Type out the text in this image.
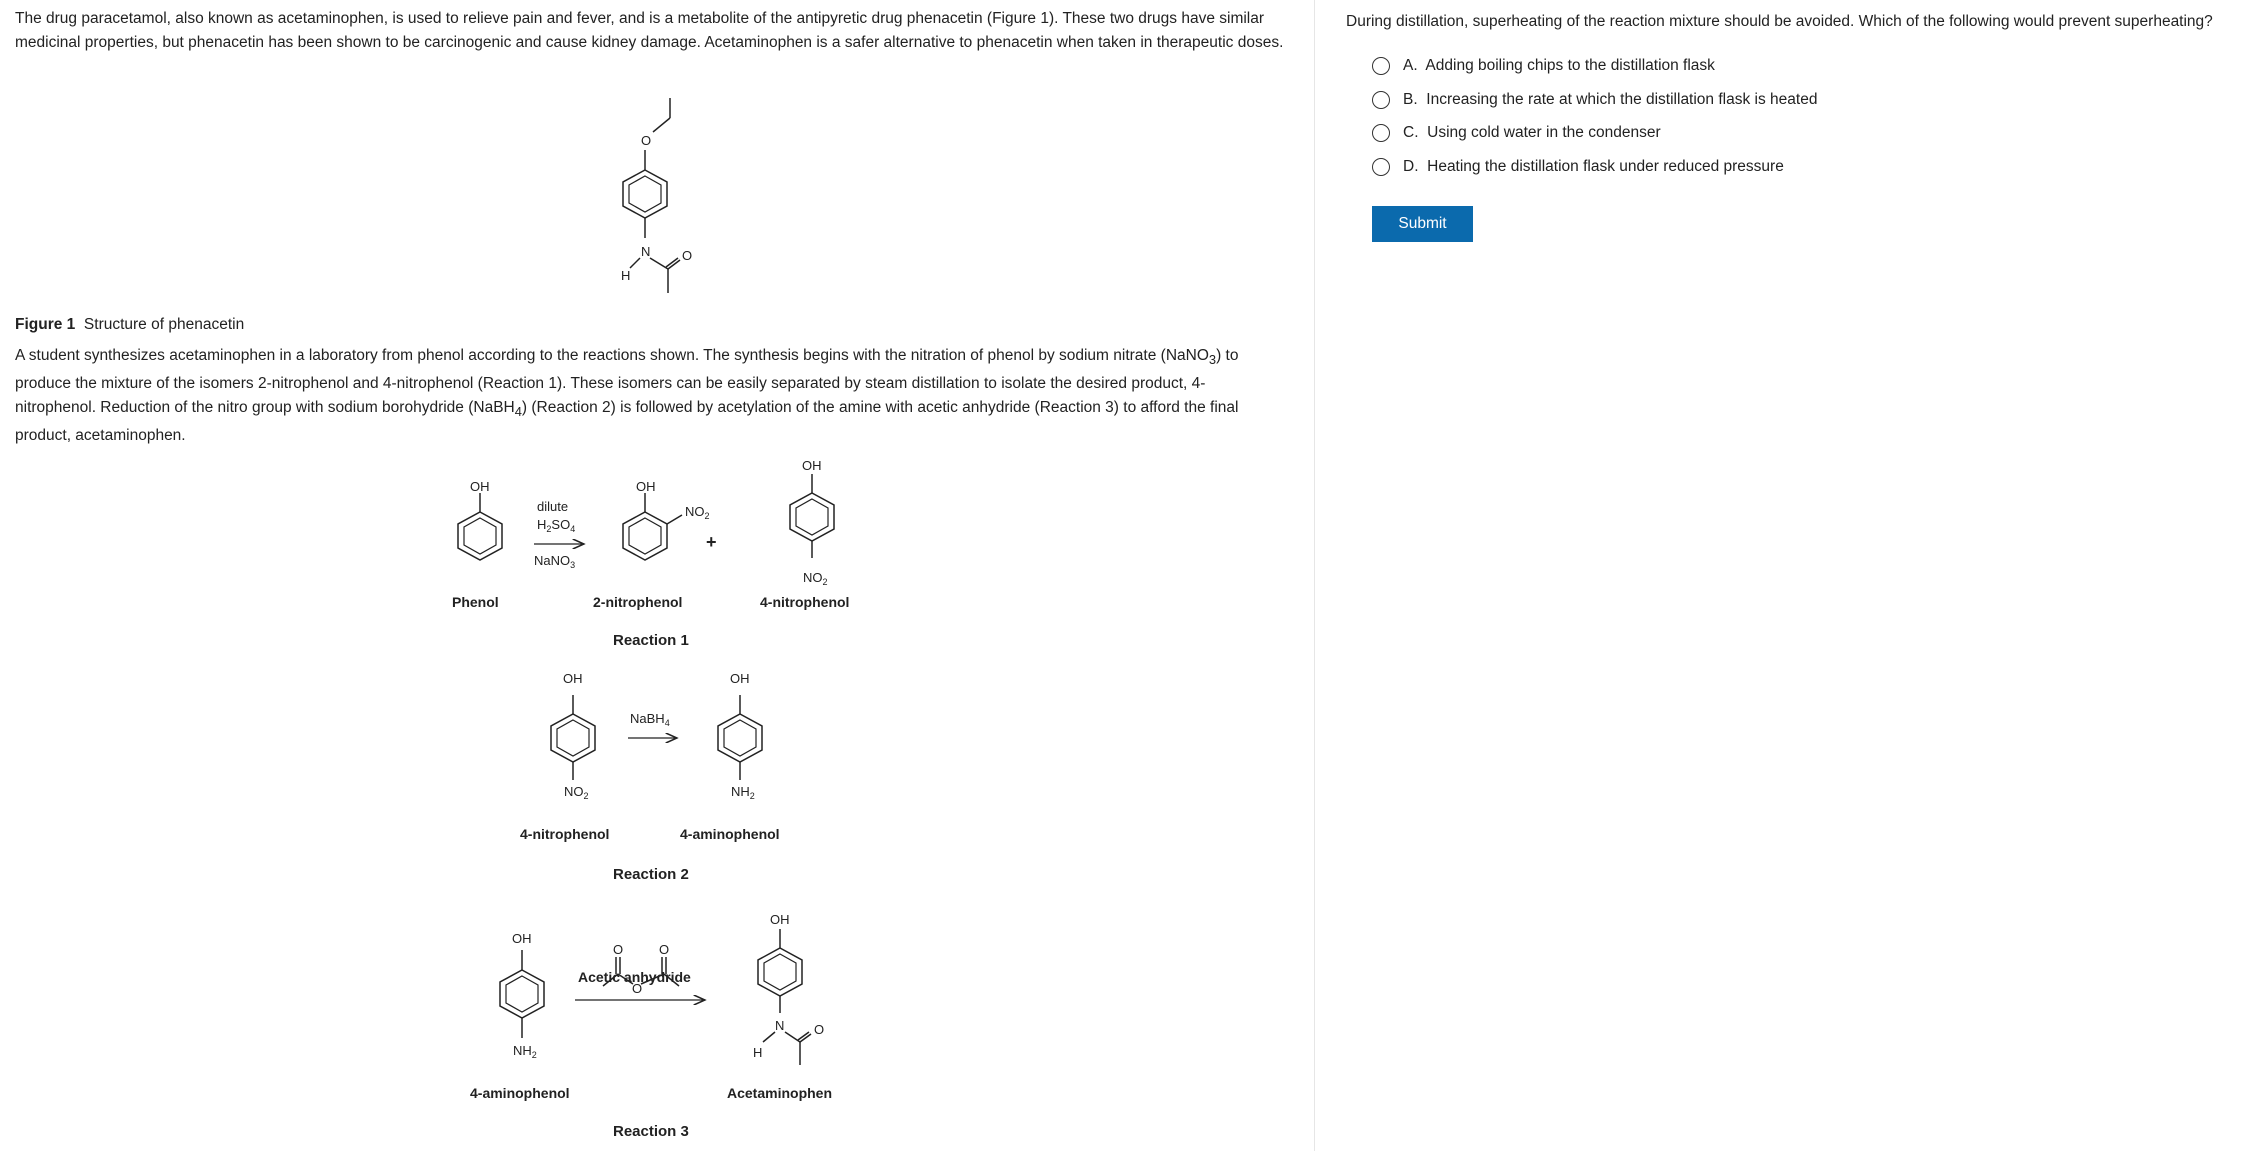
The drug paracetamol, also known as acetaminophen, is used to relieve pain and fever, and is a metabolite of the antipyretic drug phenacetin (Figure 1). These two drugs have similar medicinal properties, but phenacetin has been shown to be carcinogenic and cause kidney damage. Acetaminophen is a safer alternative to phenacetin when taken in therapeutic doses.

O
N
H
O

Figure 1 Structure of phenacetin

A student synthesizes acetaminophen in a laboratory from phenol according to the reactions shown. The synthesis begins with the nitration of phenol by sodium nitrate (NaNO$_3$) to produce the mixture of the isomers 2-nitrophenol and 4-nitrophenol (Reaction 1). These isomers can be easily separated by steam distillation to isolate the desired product, 4-nitrophenol. Reduction of the nitro group with sodium borohydride (NaBH$_4$) (Reaction 2) is followed by acetylation of the amine with acetic anhydride (Reaction 3) to afford the final product, acetaminophen.

OH
Phenol
dilute
$H_2SO_4$
NaNO$_3$
OH
$NO_2$
+
2-nitrophenol
OH
$NO_2$
4-nitrophenol
Reaction 1
OH
$NO_2$
4-nitrophenol
NaBH$_4$
OH
$NH_2$
4-aminophenol
Reaction 2
OH
$NH_2$
4-aminophenol
O	O
O
Acetic anhydride
OH
N
H
O
Acetaminophen
Reaction 3

During distillation, superheating of the reaction mixture should be avoided. Which of the following would prevent superheating?

A. Adding boiling chips to the distillation flask
B. Increasing the rate at which the distillation flask is heated
C. Using cold water in the condenser
D. Heating the distillation flask under reduced pressure
Submit
